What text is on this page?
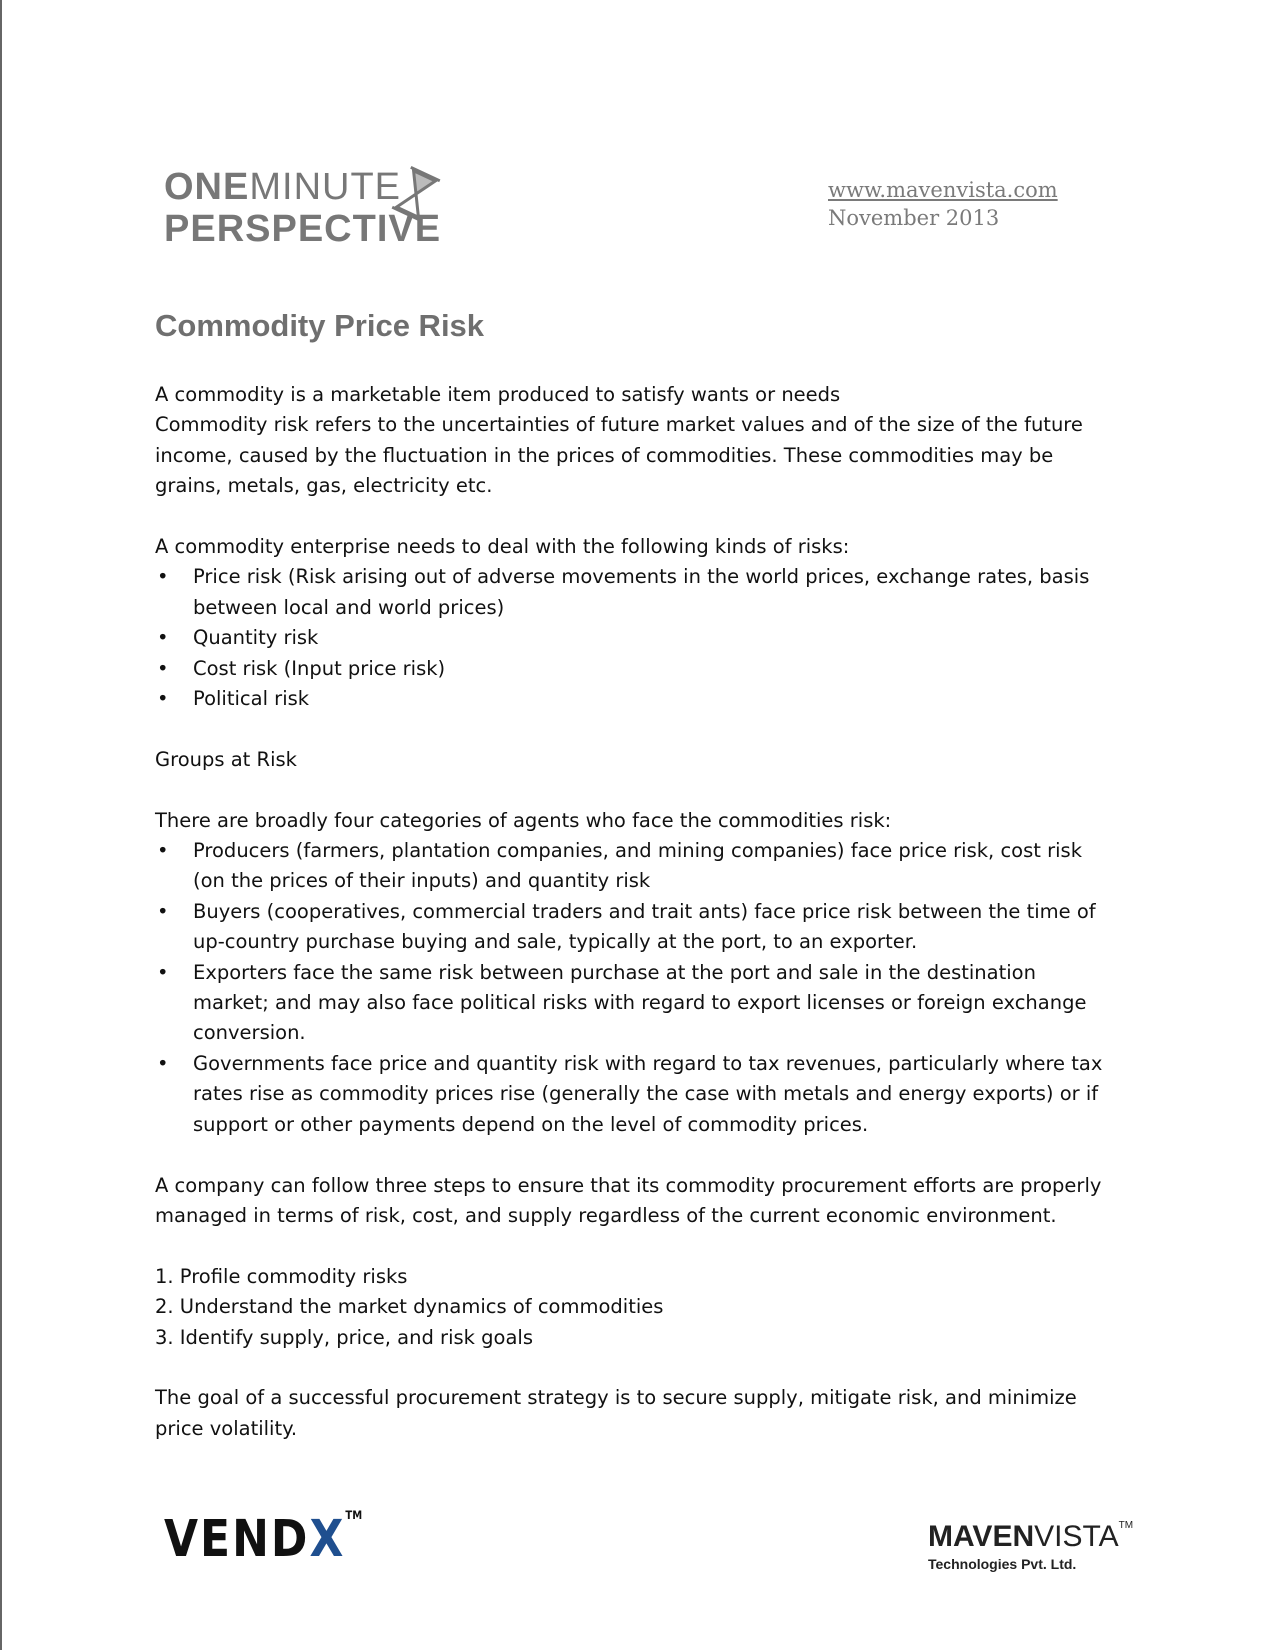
ONEMINUTE
PERSPECTIVE
www.mavenvista.com
November 2013
Commodity Price Risk

A commodity is a marketable item produced to satisfy wants or needs

Commodity risk refers to the uncertainties of future market values and of the size of the future income, caused by the fluctuation in the prices of commodities. These commodities may be grains, metals, gas, electricity etc.

A commodity enterprise needs to deal with the following kinds of risks:

• Price risk (Risk arising out of adverse movements in the world prices, exchange rates, basis between local and world prices)
• Quantity risk
• Cost risk (Input price risk)
• Political risk

Groups at Risk

There are broadly four categories of agents who face the commodities risk:

• Producers (farmers, plantation companies, and mining companies) face price risk, cost risk (on the prices of their inputs) and quantity risk
• Buyers (cooperatives, commercial traders and trait ants) face price risk between the time of up-country purchase buying and sale, typically at the port, to an exporter.
• Exporters face the same risk between purchase at the port and sale in the destination market; and may also face political risks with regard to export licenses or foreign exchange conversion.
• Governments face price and quantity risk with regard to tax revenues, particularly where tax rates rise as commodity prices rise (generally the case with metals and energy exports) or if support or other payments depend on the level of commodity prices.

A company can follow three steps to ensure that its commodity procurement efforts are properly managed in terms of risk, cost, and supply regardless of the current economic environment.

1. Profile commodity risks

2. Understand the market dynamics of commodities

3. Identify supply, price, and risk goals

The goal of a successful procurement strategy is to secure supply, mitigate risk, and minimize price volatility.

VENDX™
MAVENVISTA™
Technologies Pvt. Ltd.
